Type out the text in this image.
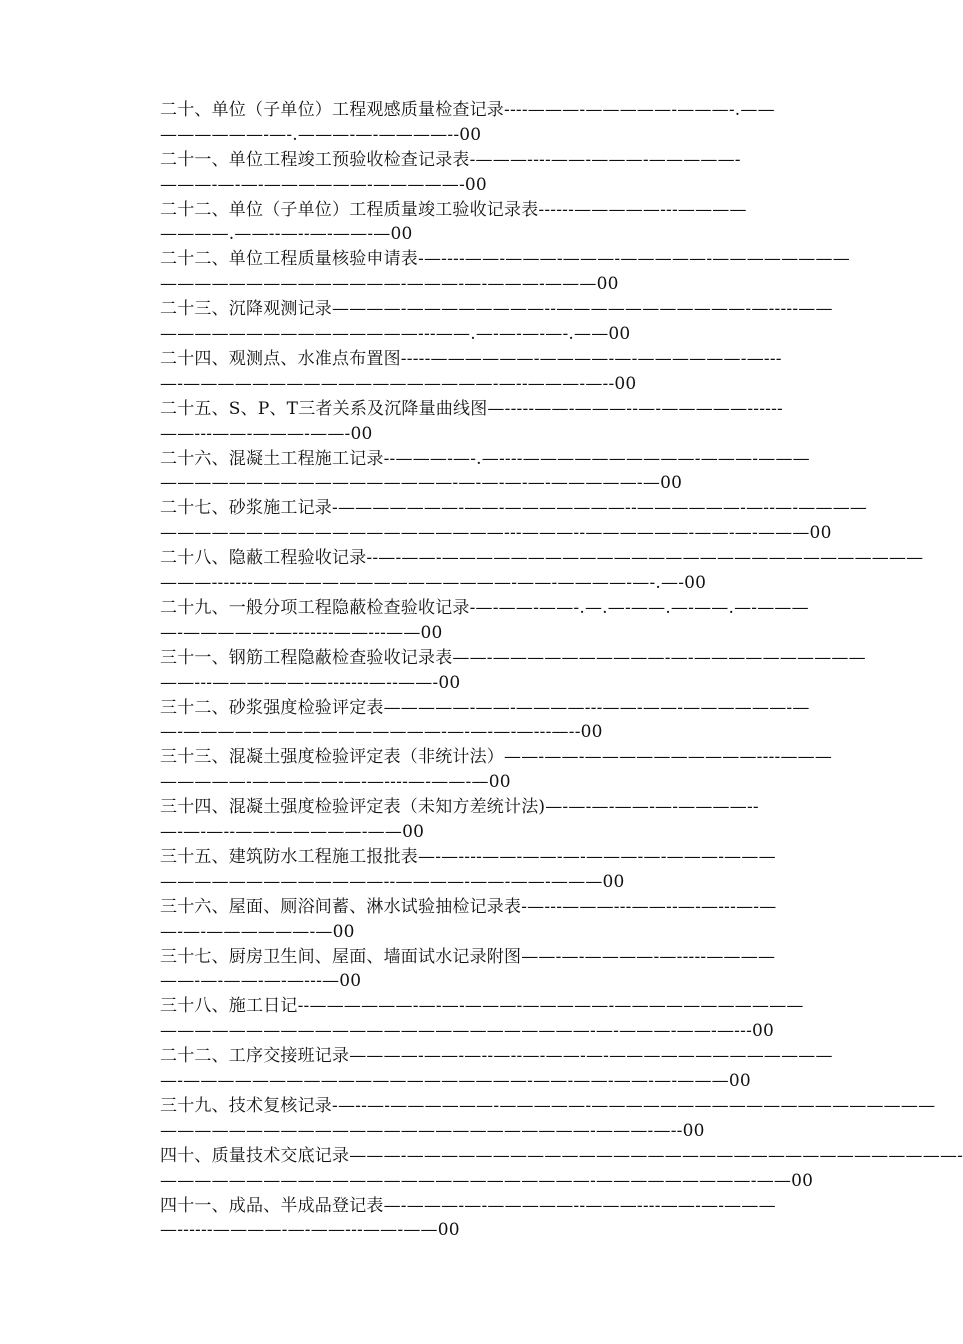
二十、单位（子单位）工程观感质量检查记录----———-—————-———-.——
——————-—-.———-—-————--00
二十一、单位工程竣工预验收检查记录表-———----——-———-—————-
———-—-—-——————-—————-00
二十二、单位（子单位）工程质量竣工验收记录表------—————---————
————.——--—--—-——-—00
二十二、单位工程质量核验申请表-—----——-———-———-—————-————————
——————————————-———-—-———-———00
二十三、沉降观测记录————-————————--———————————-—-----——
———————————————---——.—-—-—-—-.——00
二十四、观测点、水准点布置图-----——————-————-—-——————-—---
—-——————————————————-—--———-—--00
二十五、S、P、T三者关系及沉降量曲线图—-----——-———--—-—————------
——---——-———-——-00
二十六、混凝土工程施工记录--———-—-.—----——————————-———-———
—————————————————-—-—-—-—-—————-—00
二十七、砂浆施工记录-———————-——-———————--——————-—--—-————
————————————————————---———--——————-——-—-———00
二十八、隐蔽工程验收记录--—-——-————————————————————————————
———-------———————————————-——-————-—-.—-00
二十九、一般分项工程隐蔽检查验收记录-—-——-——-.—.—-——.—-——.—-———
—-—————-—-------——---——00
三十一、钢筋工程隐蔽检查验收记录表——-——————————-—-——————————
——---———-——-—-------—--——-00
三十二、砂浆强度检验评定表—————-——-————---——-——-——————-—
—-———————————————-—-—-—-—---—--00
三十三、混凝土强度检验评定表（非统计法）——-——-——————————----———
—————-—————-—-—----—-——-—00
三十四、混凝土强度检验评定表（未知方差统计法)—-—-—-——-—-————--
—-—-—--——-—————-——00
三十五、建筑防水工程施工报批表—-—----——-——-—-———-—-———-———
—————————————--————-——-——-———00
三十六、屋面、厕浴间蓄、淋水试验抽检记录表-—---———---——--—-—---—-—
—-—-——————-—00
三十七、厨房卫生间、屋面、墙面试水记录附图——-—-————-—-----————
——-—-——-—-—---—00
三十八、施工日记--——————-—-—-———-—————-———————————
—————————————————————————-—-———-——-—---00
二十二、工序交接班记录————-——-—--—--—-——-—-—————————————
—-————————————————————-——-——-——-—-———00
三十九、技术复核记录-—--—-——————-—————-————————————————————
—————————————————————————-———-—--00
四十、质量技术交底记录———-————————————————————————————————-
—————————————————————————-—————————-——00
四十一、成品、半成品登记表—-———-—-—————--———----——-—-———
—------————-—-——---——-——00
